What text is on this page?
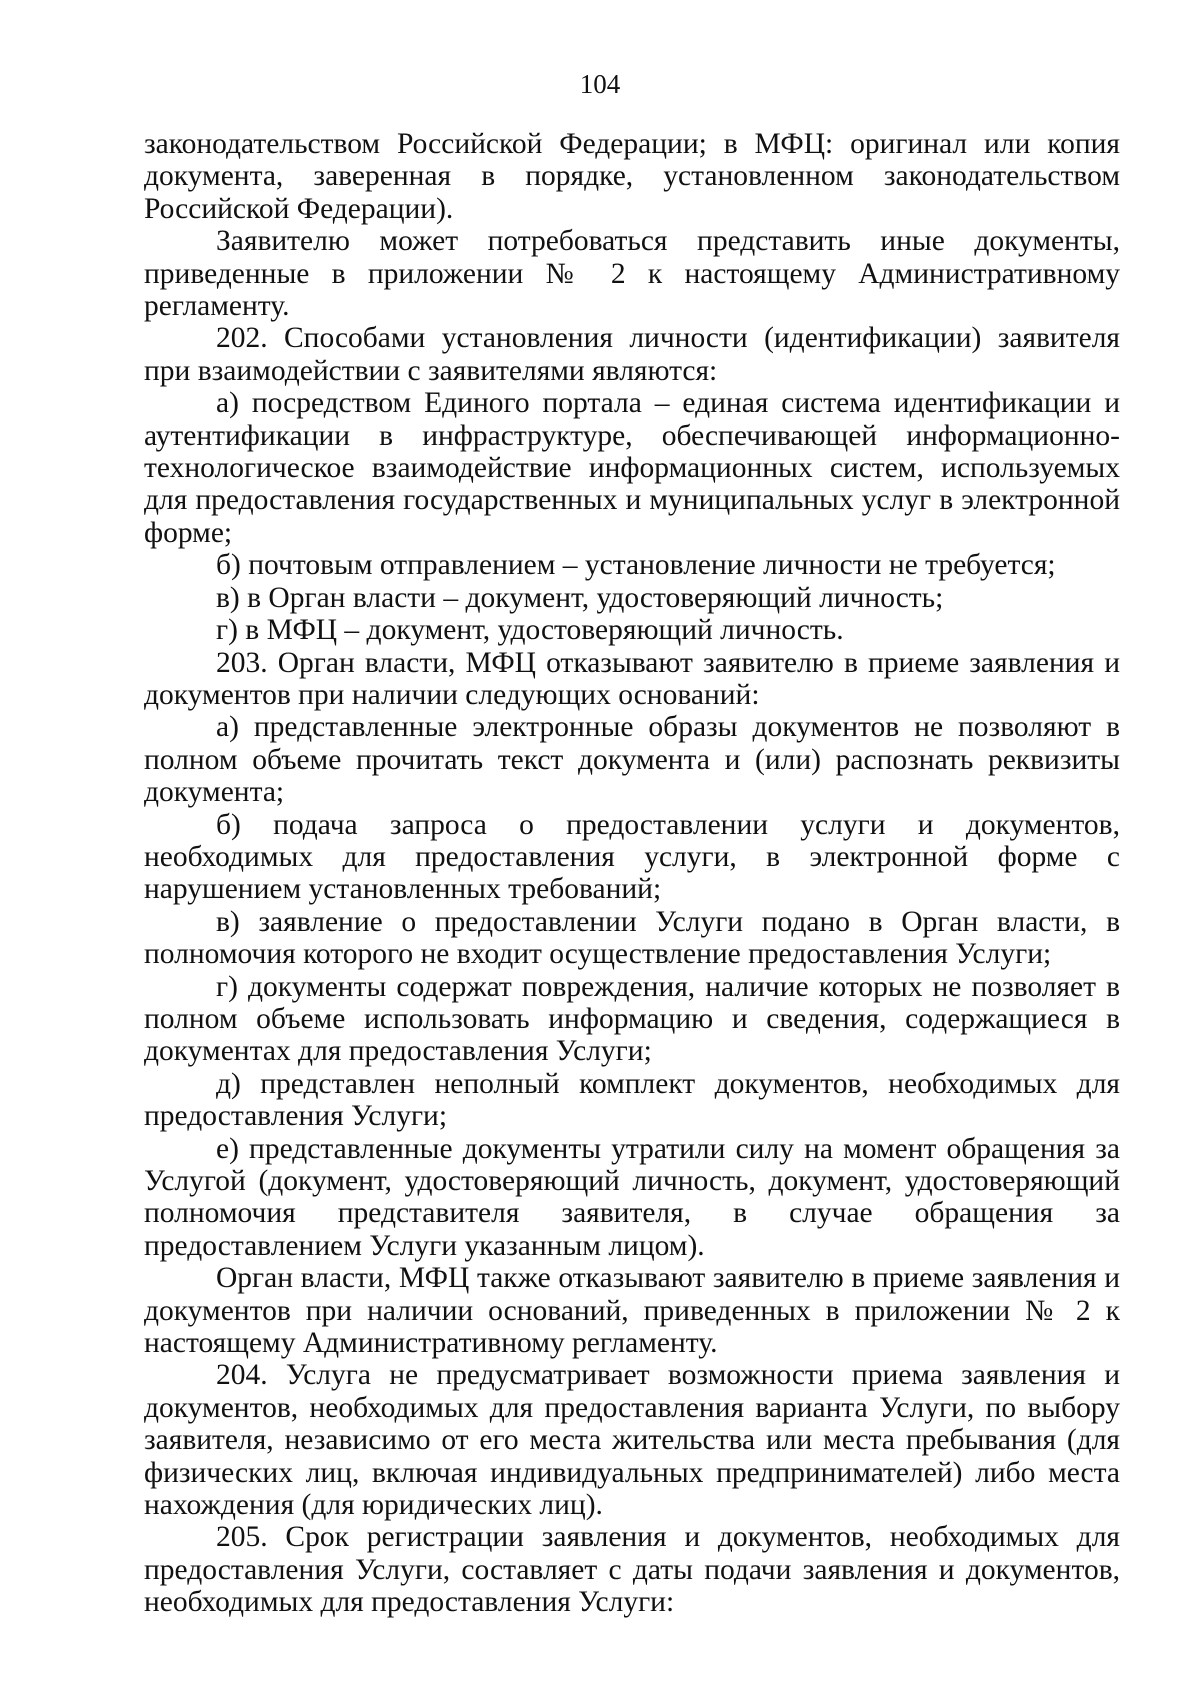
104

законодательством Российской Федерации; в МФЦ: оригинал или копия документа, заверенная в порядке, установленном законодательством Российской Федерации).

Заявителю может потребоваться представить иные документы, приведенные в приложении № 2 к настоящему Административному регламенту.

202. Способами установления личности (идентификации) заявителя при взаимодействии с заявителями являются:

а) посредством Единого портала – единая система идентификации и аутентификации в инфраструктуре, обеспечивающей информационно-технологическое взаимодействие информационных систем, используемых для предоставления государственных и муниципальных услуг в электронной форме;

б) почтовым отправлением – установление личности не требуется;

в) в Орган власти – документ, удостоверяющий личность;

г) в МФЦ – документ, удостоверяющий личность.

203. Орган власти, МФЦ отказывают заявителю в приеме заявления и документов при наличии следующих оснований:

а) представленные электронные образы документов не позволяют в полном объеме прочитать текст документа и (или) распознать реквизиты документа;

б) подача запроса о предоставлении услуги и документов, необходимых для предоставления услуги, в электронной форме с нарушением установленных требований;

в) заявление о предоставлении Услуги подано в Орган власти, в полномочия которого не входит осуществление предоставления Услуги;

г) документы содержат повреждения, наличие которых не позволяет в полном объеме использовать информацию и сведения, содержащиеся в документах для предоставления Услуги;

д) представлен неполный комплект документов, необходимых для предоставления Услуги;

е) представленные документы утратили силу на момент обращения за Услугой (документ, удостоверяющий личность, документ, удостоверяющий полномочия представителя заявителя, в случае обращения за предоставлением Услуги указанным лицом).

Орган власти, МФЦ также отказывают заявителю в приеме заявления и документов при наличии оснований, приведенных в приложении № 2 к настоящему Административному регламенту.

204. Услуга не предусматривает возможности приема заявления и документов, необходимых для предоставления варианта Услуги, по выбору заявителя, независимо от его места жительства или места пребывания (для физических лиц, включая индивидуальных предпринимателей) либо места нахождения (для юридических лиц).

205. Срок регистрации заявления и документов, необходимых для предоставления Услуги, составляет с даты подачи заявления и документов, необходимых для предоставления Услуги:
